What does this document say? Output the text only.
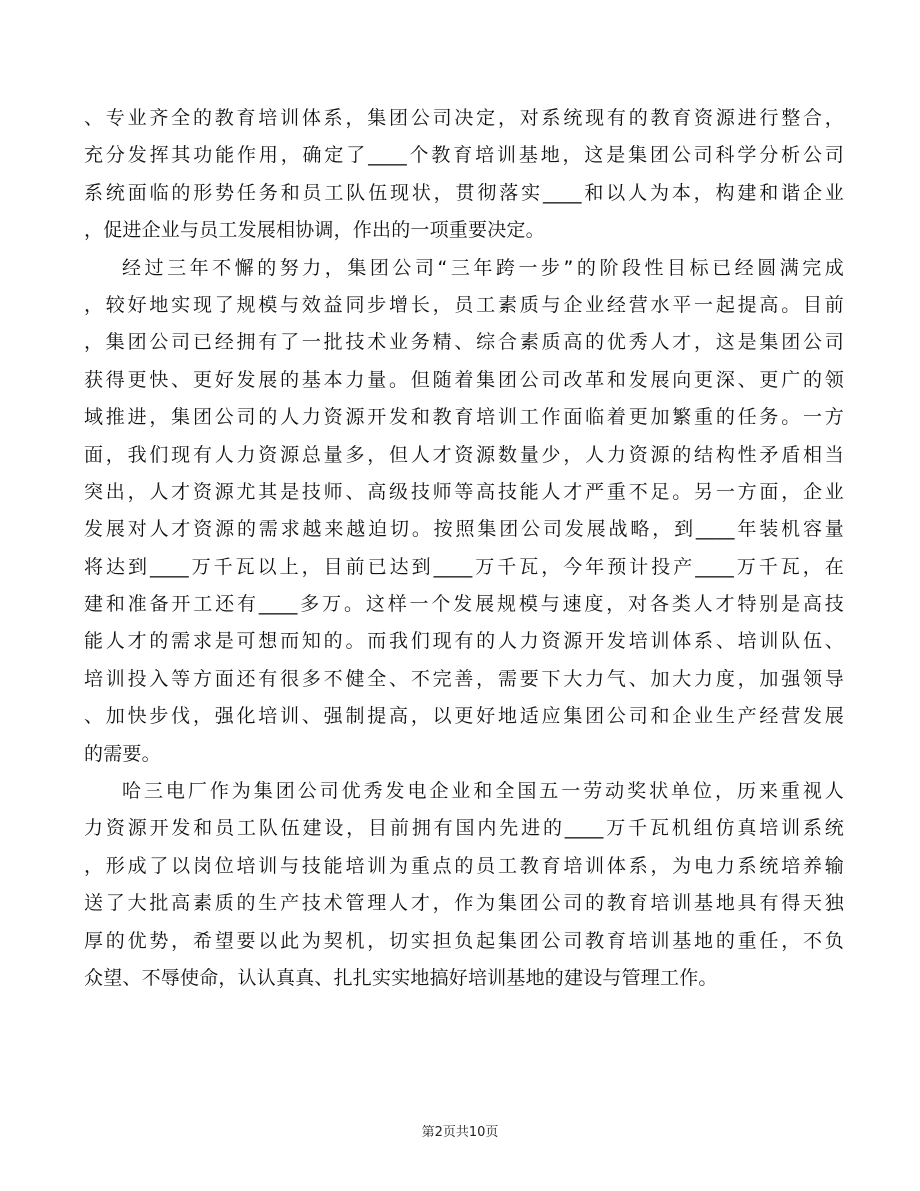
、专业齐全的教育培训体系，集团公司决定，对系统现有的教育资源进行整合，
充分发挥其功能作用，确定了____个教育培训基地，这是集团公司科学分析公司
系统面临的形势任务和员工队伍现状，贯彻落实____和以人为本，构建和谐企业
，促进企业与员工发展相协调，作出的一项重要决定。
经过三年不懈的努力，集团公司“三年跨一步”的阶段性目标已经圆满完成
，较好地实现了规模与效益同步增长，员工素质与企业经营水平一起提高。目前
，集团公司已经拥有了一批技术业务精、综合素质高的优秀人才，这是集团公司
获得更快、更好发展的基本力量。但随着集团公司改革和发展向更深、更广的领
域推进，集团公司的人力资源开发和教育培训工作面临着更加繁重的任务。一方
面，我们现有人力资源总量多，但人才资源数量少，人力资源的结构性矛盾相当
突出，人才资源尤其是技师、高级技师等高技能人才严重不足。另一方面，企业
发展对人才资源的需求越来越迫切。按照集团公司发展战略，到____年装机容量
将达到____万千瓦以上，目前已达到____万千瓦，今年预计投产____万千瓦，在
建和准备开工还有____多万。这样一个发展规模与速度，对各类人才特别是高技
能人才的需求是可想而知的。而我们现有的人力资源开发培训体系、培训队伍、
培训投入等方面还有很多不健全、不完善，需要下大力气、加大力度，加强领导
、加快步伐，强化培训、强制提高，以更好地适应集团公司和企业生产经营发展
的需要。
哈三电厂作为集团公司优秀发电企业和全国五一劳动奖状单位，历来重视人
力资源开发和员工队伍建设，目前拥有国内先进的____万千瓦机组仿真培训系统
，形成了以岗位培训与技能培训为重点的员工教育培训体系，为电力系统培养输
送了大批高素质的生产技术管理人才，作为集团公司的教育培训基地具有得天独
厚的优势，希望要以此为契机，切实担负起集团公司教育培训基地的重任，不负
众望、不辱使命，认认真真、扎扎实实地搞好培训基地的建设与管理工作。
第2页共10页
